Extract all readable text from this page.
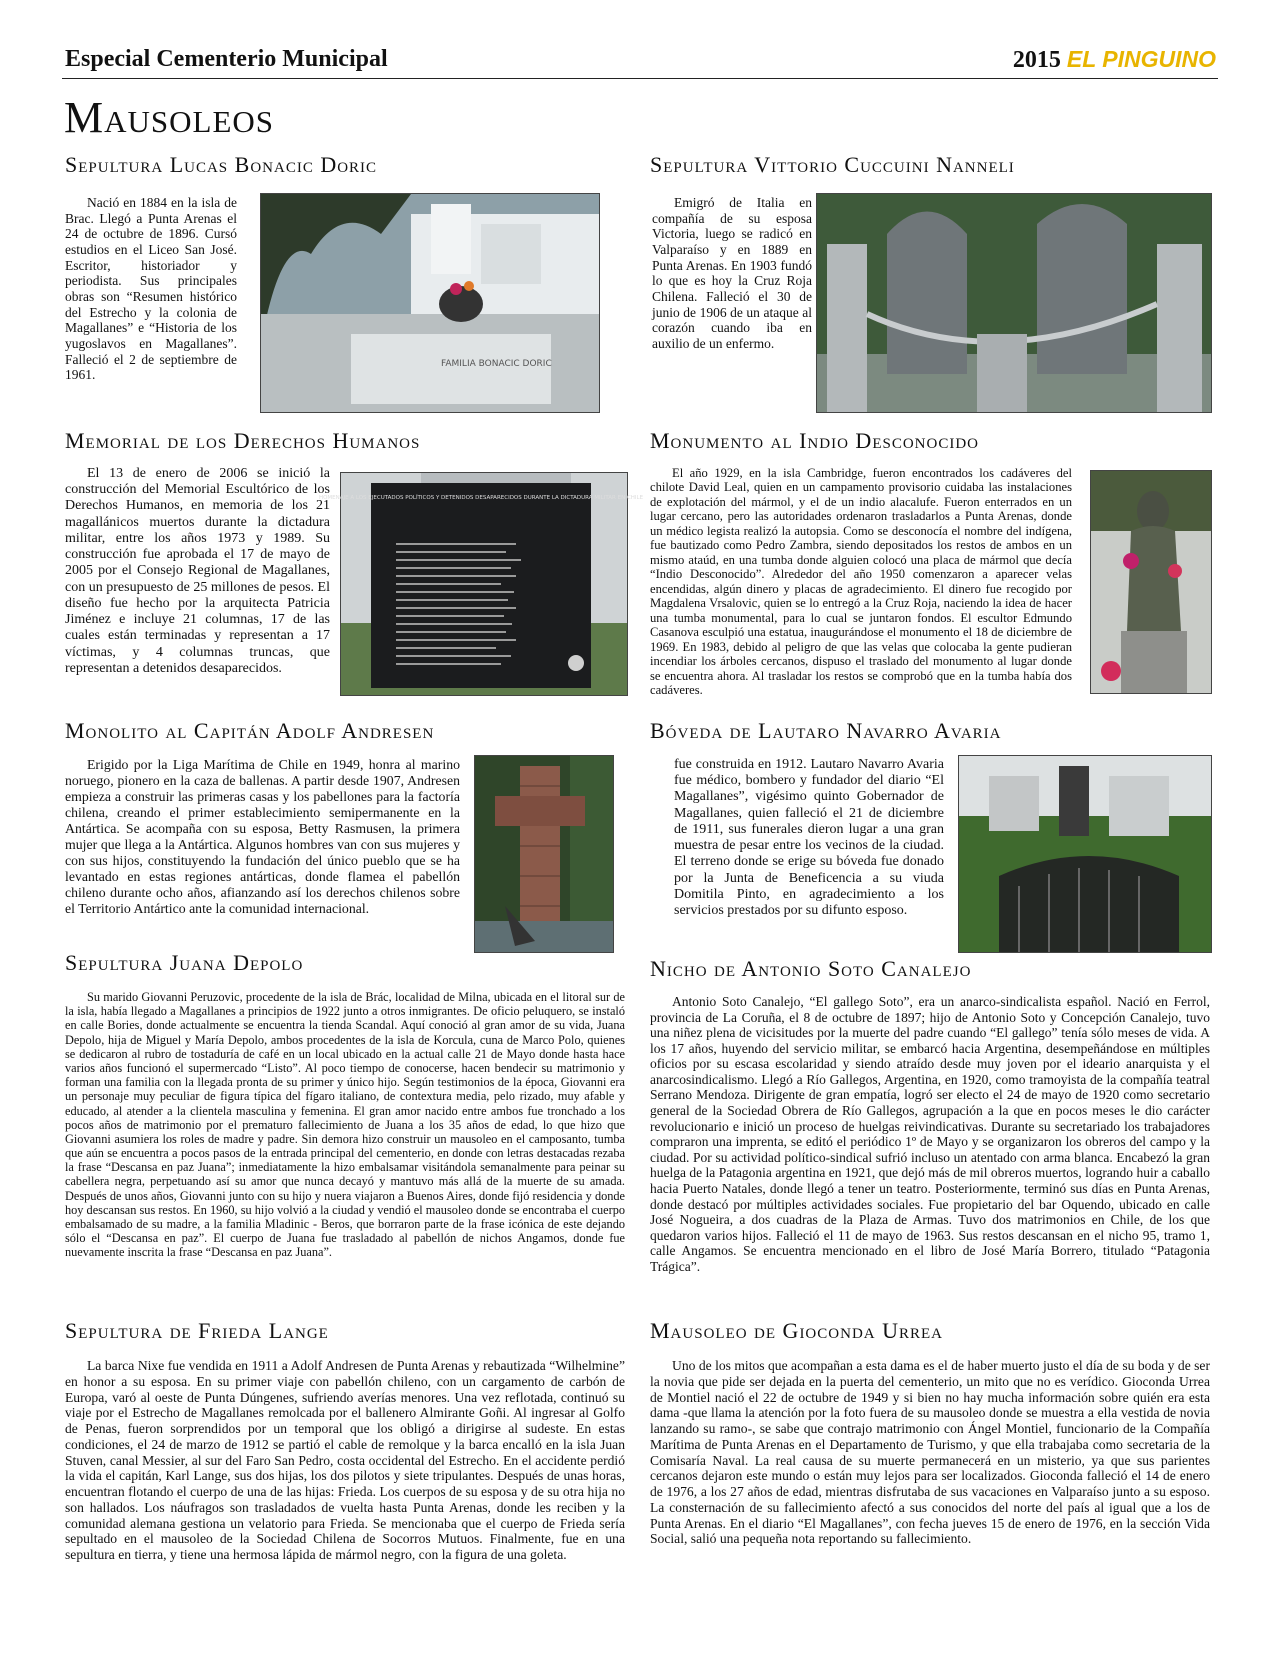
Especial Cementerio Municipal	2015 EL PINGUINO
Mausoleos
Sepultura Lucas Bonacic Doric

Nació en 1884 en la isla de Brac. Llegó a Punta Arenas el 24 de octubre de 1896. Cursó estudios en el Liceo San José. Escritor, historiador y periodista. Sus principales obras son “Resumen histórico del Estrecho y la colonia de Magallanes” e “Historia de los yugoslavos en Magallanes”. Falleció el 2 de septiembre de 1961.

FAMILIA BONACIC DORIC
Sepultura Vittorio Cuccuini Nanneli

Emigró de Italia en compañía de su esposa Victoria, luego se radicó en Valparaíso y en 1889 en Punta Arenas. En 1903 fundó lo que es hoy la Cruz Roja Chilena. Falleció el 30 de junio de 1906 de un ataque al corazón cuando iba en auxilio de un enfermo.

Memorial de los Derechos Humanos

El 13 de enero de 2006 se inició la construcción del Memorial Escultórico de los Derechos Humanos, en memoria de los 21 magallánicos muertos durante la dictadura militar, entre los años 1973 y 1989. Su construcción fue aprobada el 17 de mayo de 2005 por el Consejo Regional de Magallanes, con un presupuesto de 25 millones de pesos. El diseño fue hecho por la arquitecta Patricia Jiménez e incluye 21 columnas, 17 de las cuales están terminadas y representan a 17 víctimas, y 4 columnas truncas, que representan a detenidos desaparecidos.

HOMENAJE A LOS EJECUTADOS POLÍTICOS Y DETENIDOS DESAPARECIDOS DURANTE LA DICTADURA MILITAR EN CHILE
Monumento al Indio Desconocido

El año 1929, en la isla Cambridge, fueron encontrados los cadáveres del chilote David Leal, quien en un campamento provisorio cuidaba las instalaciones de explotación del mármol, y el de un indio alacalufe. Fueron enterrados en un lugar cercano, pero las autoridades ordenaron trasladarlos a Punta Arenas, donde un médico legista realizó la autopsia. Como se desconocía el nombre del indígena, fue bautizado como Pedro Zambra, siendo depositados los restos de ambos en un mismo ataúd, en una tumba donde alguien colocó una placa de mármol que decía “Indio Desconocido”. Alrededor del año 1950 comenzaron a aparecer velas encendidas, algún dinero y placas de agradecimiento. El dinero fue recogido por Magdalena Vrsalovic, quien se lo entregó a la Cruz Roja, naciendo la idea de hacer una tumba monumental, para lo cual se juntaron fondos. El escultor Edmundo Casanova esculpió una estatua, inaugurándose el monumento el 18 de diciembre de 1969. En 1983, debido al peligro de que las velas que colocaba la gente pudieran incendiar los árboles cercanos, dispuso el traslado del monumento al lugar donde se encuentra ahora. Al trasladar los restos se comprobó que en la tumba había dos cadáveres.

Monolito al Capitán Adolf Andresen

Erigido por la Liga Marítima de Chile en 1949, honra al marino noruego, pionero en la caza de ballenas. A partir desde 1907, Andresen empieza a construir las primeras casas y los pabellones para la factoría chilena, creando el primer establecimiento semipermanente en la Antártica. Se acompaña con su esposa, Betty Rasmusen, la primera mujer que llega a la Antártica. Algunos hombres van con sus mujeres y con sus hijos, constituyendo la fundación del único pueblo que se ha levantado en estas regiones antárticas, donde flamea el pabellón chileno durante ocho años, afianzando así los derechos chilenos sobre el Territorio Antártico ante la comunidad internacional.

Bóveda de Lautaro Navarro Avaria

fue construida en 1912. Lautaro Navarro Avaria fue médico, bombero y fundador del diario “El Magallanes”, vigésimo quinto Gobernador de Magallanes, quien falleció el 21 de diciembre de 1911, sus funerales dieron lugar a una gran muestra de pesar entre los vecinos de la ciudad. El terreno donde se erige su bóveda fue donado por la Junta de Beneficencia a su viuda Domitila Pinto, en agradecimiento a los servicios prestados por su difunto esposo.

Sepultura Juana Depolo

Su marido Giovanni Peruzovic, procedente de la isla de Brác, localidad de Milna, ubicada en el litoral sur de la isla, había llegado a Magallanes a principios de 1922 junto a otros inmigrantes. De oficio peluquero, se instaló en calle Bories, donde actualmente se encuentra la tienda Scandal. Aquí conoció al gran amor de su vida, Juana Depolo, hija de Miguel y María Depolo, ambos procedentes de la isla de Korcula, cuna de Marco Polo, quienes se dedicaron al rubro de tostaduría de café en un local ubicado en la actual calle 21 de Mayo donde hasta hace varios años funcionó el supermercado “Listo”. Al poco tiempo de conocerse, hacen bendecir su matrimonio y forman una familia con la llegada pronta de su primer y único hijo. Según testimonios de la época, Giovanni era un personaje muy peculiar de figura típica del fígaro italiano, de contextura media, pelo rizado, muy afable y educado, al atender a la clientela masculina y femenina. El gran amor nacido entre ambos fue tronchado a los pocos años de matrimonio por el prematuro fallecimiento de Juana a los 35 años de edad, lo que hizo que Giovanni asumiera los roles de madre y padre. Sin demora hizo construir un mausoleo en el camposanto, tumba que aún se encuentra a pocos pasos de la entrada principal del cementerio, en donde con letras destacadas rezaba la frase “Descansa en paz Juana”; inmediatamente la hizo embalsamar visitándola semanalmente para peinar su cabellera negra, perpetuando así su amor que nunca decayó y mantuvo más allá de la muerte de su amada. Después de unos años, Giovanni junto con su hijo y nuera viajaron a Buenos Aires, donde fijó residencia y donde hoy descansan sus restos. En 1960, su hijo volvió a la ciudad y vendió el mausoleo donde se encontraba el cuerpo embalsamado de su madre, a la familia Mladinic - Beros, que borraron parte de la frase icónica de este dejando sólo el “Descansa en paz”. El cuerpo de Juana fue trasladado al pabellón de nichos Angamos, donde fue nuevamente inscrita la frase “Descansa en paz Juana”.

Nicho de Antonio Soto Canalejo

Antonio Soto Canalejo, “El gallego Soto”, era un anarco-sindicalista español. Nació en Ferrol, provincia de La Coruña, el 8 de octubre de 1897; hijo de Antonio Soto y Concepción Canalejo, tuvo una niñez plena de vicisitudes por la muerte del padre cuando “El gallego” tenía sólo meses de vida. A los 17 años, huyendo del servicio militar, se embarcó hacia Argentina, desempeñándose en múltiples oficios por su escasa escolaridad y siendo atraído desde muy joven por el ideario anarquista y el anarcosindicalismo. Llegó a Río Gallegos, Argentina, en 1920, como tramoyista de la compañía teatral Serrano Mendoza. Dirigente de gran empatía, logró ser electo el 24 de mayo de 1920 como secretario general de la Sociedad Obrera de Río Gallegos, agrupación a la que en pocos meses le dio carácter revolucionario e inició un proceso de huelgas reivindicativas. Durante su secretariado los trabajadores compraron una imprenta, se editó el periódico 1º de Mayo y se organizaron los obreros del campo y la ciudad. Por su actividad político-sindical sufrió incluso un atentado con arma blanca. Encabezó la gran huelga de la Patagonia argentina en 1921, que dejó más de mil obreros muertos, logrando huir a caballo hacia Puerto Natales, donde llegó a tener un teatro. Posteriormente, terminó sus días en Punta Arenas, donde destacó por múltiples actividades sociales. Fue propietario del bar Oquendo, ubicado en calle José Nogueira, a dos cuadras de la Plaza de Armas. Tuvo dos matrimonios en Chile, de los que quedaron varios hijos. Falleció el 11 de mayo de 1963. Sus restos descansan en el nicho 95, tramo 1, calle Angamos. Se encuentra mencionado en el libro de José María Borrero, titulado “Patagonia Trágica”.

Sepultura de Frieda Lange

La barca Nixe fue vendida en 1911 a Adolf Andresen de Punta Arenas y rebautizada “Wilhelmine” en honor a su esposa. En su primer viaje con pabellón chileno, con un cargamento de carbón de Europa, varó al oeste de Punta Dúngenes, sufriendo averías menores. Una vez reflotada, continuó su viaje por el Estrecho de Magallanes remolcada por el ballenero Almirante Goñi. Al ingresar al Golfo de Penas, fueron sorprendidos por un temporal que los obligó a dirigirse al sudeste. En estas condiciones, el 24 de marzo de 1912 se partió el cable de remolque y la barca encalló en la isla Juan Stuven, canal Messier, al sur del Faro San Pedro, costa occidental del Estrecho. En el accidente perdió la vida el capitán, Karl Lange, sus dos hijas, los dos pilotos y siete tripulantes. Después de unas horas, encuentran flotando el cuerpo de una de las hijas: Frieda. Los cuerpos de su esposa y de su otra hija no son hallados. Los náufragos son trasladados de vuelta hasta Punta Arenas, donde les reciben y la comunidad alemana gestiona un velatorio para Frieda. Se mencionaba que el cuerpo de Frieda sería sepultado en el mausoleo de la Sociedad Chilena de Socorros Mutuos. Finalmente, fue en una sepultura en tierra, y tiene una hermosa lápida de mármol negro, con la figura de una goleta.

Mausoleo de Gioconda Urrea

Uno de los mitos que acompañan a esta dama es el de haber muerto justo el día de su boda y de ser la novia que pide ser dejada en la puerta del cementerio, un mito que no es verídico. Gioconda Urrea de Montiel nació el 22 de octubre de 1949 y si bien no hay mucha información sobre quién era esta dama -que llama la atención por la foto fuera de su mausoleo donde se muestra a ella vestida de novia lanzando su ramo-, se sabe que contrajo matrimonio con Ángel Montiel, funcionario de la Compañía Marítima de Punta Arenas en el Departamento de Turismo, y que ella trabajaba como secretaria de la Comisaría Naval. La real causa de su muerte permanecerá en un misterio, ya que sus parientes cercanos dejaron este mundo o están muy lejos para ser localizados. Gioconda falleció el 14 de enero de 1976, a los 27 años de edad, mientras disfrutaba de sus vacaciones en Valparaíso junto a su esposo. La consternación de su fallecimiento afectó a sus conocidos del norte del país al igual que a los de Punta Arenas. En el diario “El Magallanes”, con fecha jueves 15 de enero de 1976, en la sección Vida Social, salió una pequeña nota reportando su fallecimiento.
